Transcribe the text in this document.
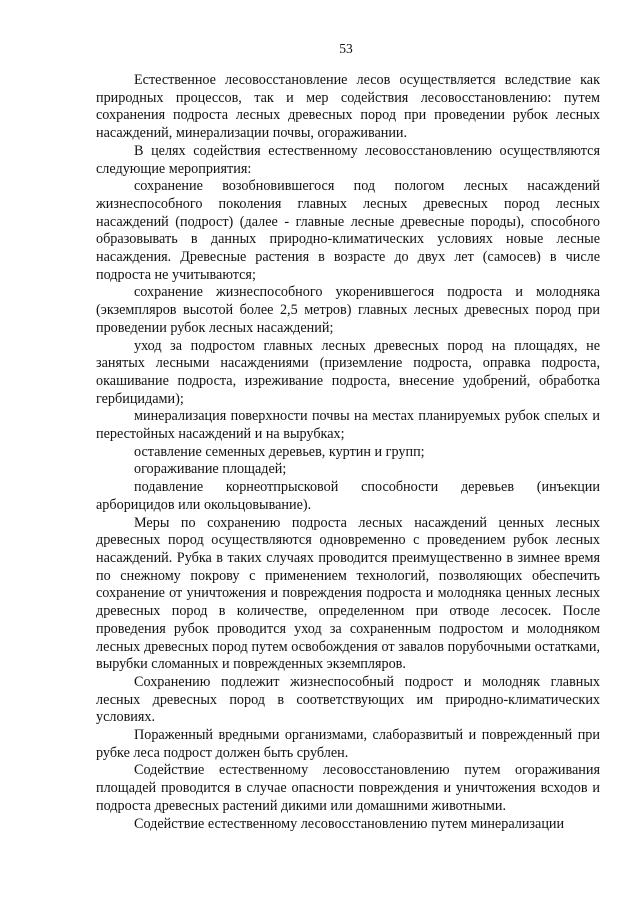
53

Естественное лесовосстановление лесов осуществляется вследствие как природных процессов, так и мер содействия лесовосстановлению: путем сохранения подроста лесных древесных пород при проведении рубок лесных насаждений, минерализации почвы, огораживании.

В целях содействия естественному лесовосстановлению осуществляются следующие мероприятия:

сохранение возобновившегося под пологом лесных насаждений жизнеспособного поколения главных лесных древесных пород лесных насаждений (подрост) (далее - главные лесные древесные породы), способного образовывать в данных природно-климатических условиях новые лесные насаждения. Древесные растения в возрасте до двух лет (самосев) в числе подроста не учитываются;

сохранение жизнеспособного укоренившегося подроста и молодняка (экземпляров высотой более 2,5 метров) главных лесных древесных пород при проведении рубок лесных насаждений;

уход за подростом главных лесных древесных пород на площадях, не занятых лесными насаждениями (приземление подроста, оправка подроста, окашивание подроста, изреживание подроста, внесение удобрений, обработка гербицидами);

минерализация поверхности почвы на местах планируемых рубок спелых и перестойных насаждений и на вырубках;

оставление семенных деревьев, куртин и групп;

огораживание площадей;

подавление корнеотпрысковой способности деревьев (инъекции арборицидов или окольцовывание).

Меры по сохранению подроста лесных насаждений ценных лесных древесных пород осуществляются одновременно с проведением рубок лесных насаждений. Рубка в таких случаях проводится преимущественно в зимнее время по снежному покрову с применением технологий, позволяющих обеспечить сохранение от уничтожения и повреждения подроста и молодняка ценных лесных древесных пород в количестве, определенном при отводе лесосек. После проведения рубок проводится уход за сохраненным подростом и молодняком лесных древесных пород путем освобождения от завалов порубочными остатками, вырубки сломанных и поврежденных экземпляров.

Сохранению подлежит жизнеспособный подрост и молодняк главных лесных древесных пород в соответствующих им природно-климатических условиях.

Пораженный вредными организмами, слаборазвитый и поврежденный при рубке леса подрост должен быть срублен.

Содействие естественному лесовосстановлению путем огораживания площадей проводится в случае опасности повреждения и уничтожения всходов и подроста древесных растений дикими или домашними животными.

Содействие естественному лесовосстановлению путем минерализации
